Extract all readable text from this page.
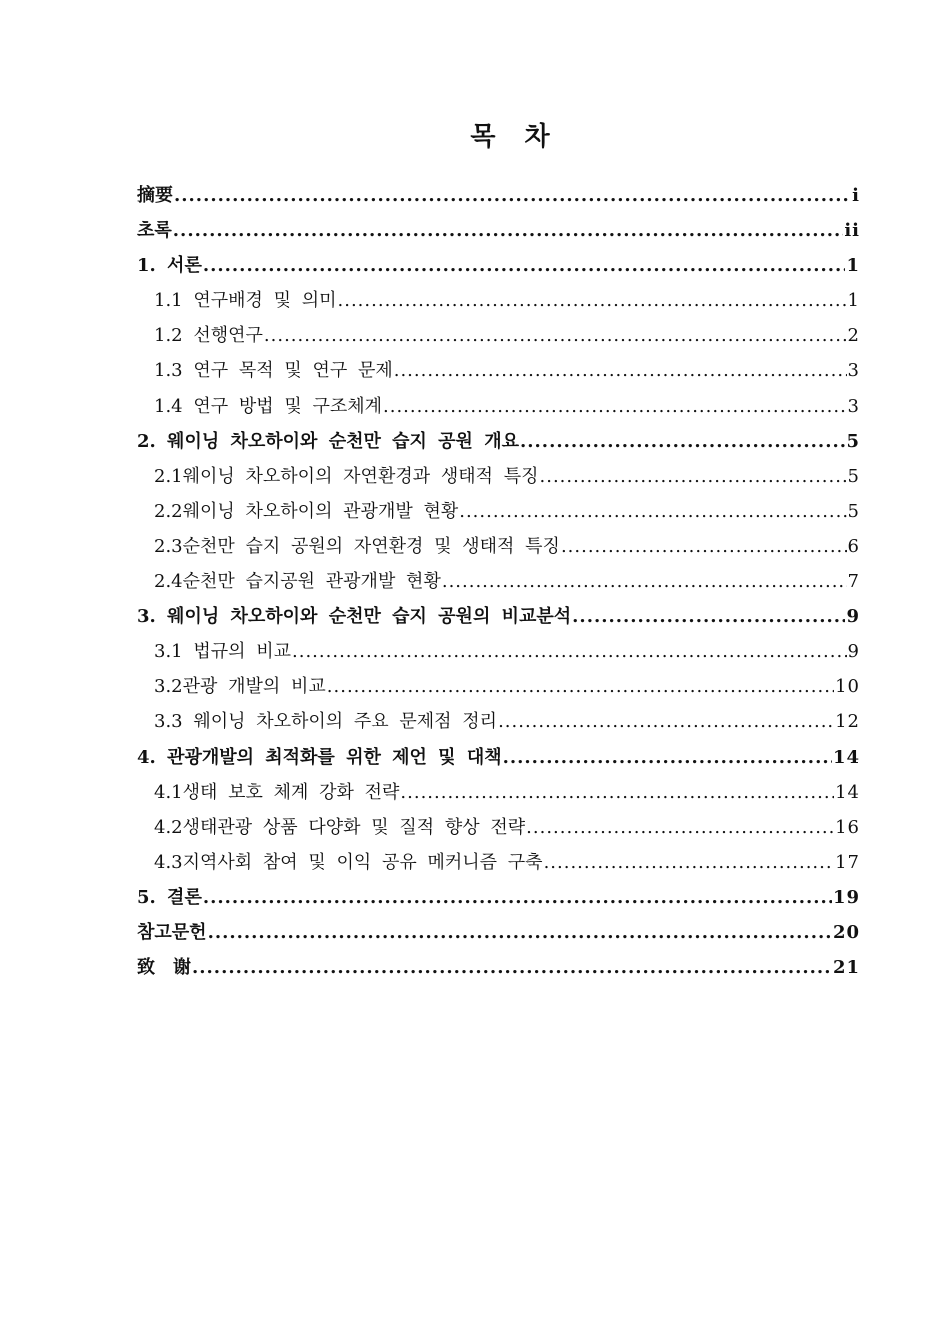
목 차
摘要 .....	i
초록 .....	ii
1. 서론 .....	1
1.1 연구배경 및 의미 .....	1
1.2 선행연구 .....	2
1.3 연구 목적 및 연구 문제 .....	3
1.4 연구 방법 및 구조체계 .....	3
2. 웨이닝 차오하이와 순천만 습지 공원 개요 .....	5
2.1웨이닝 차오하이의 자연환경과 생태적 특징 .....	5
2.2웨이닝 차오하이의 관광개발 현황 .....	5
2.3순천만 습지 공원의 자연환경 및 생태적 특징 .....	6
2.4순천만 습지공원 관광개발 현황 .....	7
3. 웨이닝 차오하이와 순천만 습지 공원의 비교분석 .....	9
3.1 법규의 비교 .....	9
3.2관광 개발의 비교 .....	10
3.3 웨이닝 차오하이의 주요 문제점 정리 .....	12
4. 관광개발의 최적화를 위한 제언 및 대책 .....	14
4.1생태 보호 체계 강화 전략 .....	14
4.2생태관광 상품 다양화 및 질적 향상 전략 .....	16
4.3지역사회 참여 및 이익 공유 메커니즘 구축 .....	17
5. 결론 .....	19
참고문헌 .....	20
致　谢 .....	21
